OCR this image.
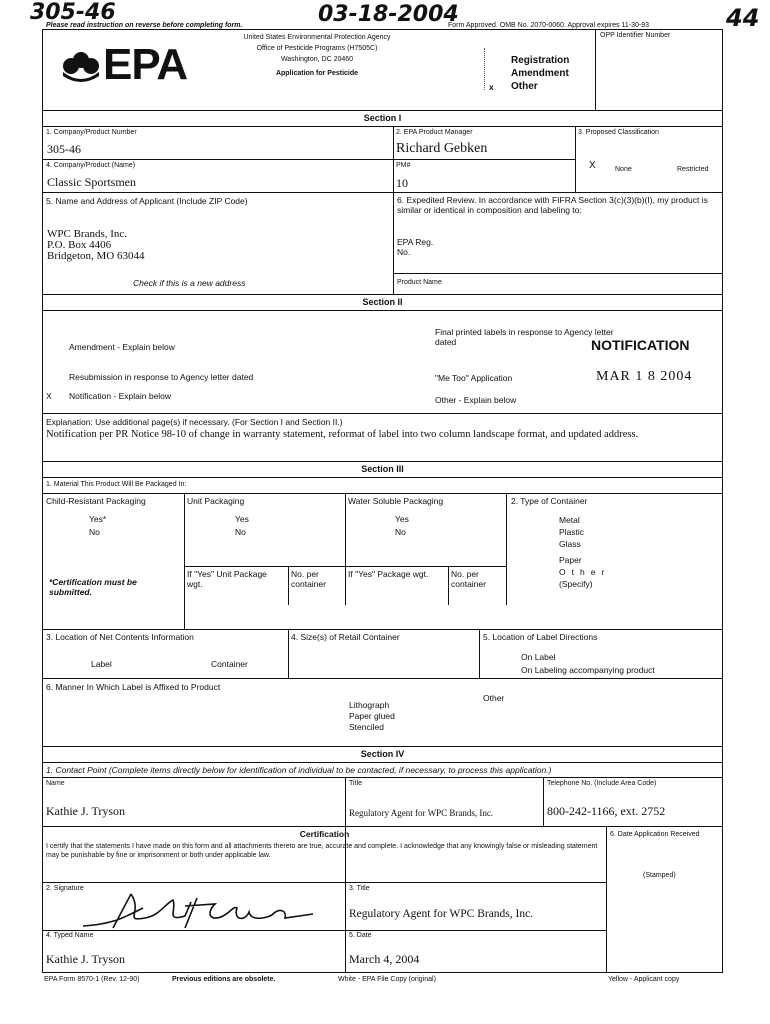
305-46	03-18-2004	44
Please read instruction on reverse before completing form.	Form Approved. OMB No. 2070-0060. Approval expires 11-30-93
EPA
United States Environmental Protection Agency
Office of Pesticide Programs (H7505C)
Washington, DC 20460
Application for Pesticide
Registration
Amendment
Other
x
OPP Identifier Number
Section I
1. Company/Product Number
305-46
2. EPA Product Manager
Richard Gebken
3. Proposed Classification
4. Company/Product (Name)
Classic Sportsmen
PM#
10
X	None	Restricted
5. Name and Address of Applicant (Include ZIP Code)
WPC Brands, Inc.
P.O. Box 4406
Bridgeton, MO 63044
Check if this is a new address
6. Expedited Review. In accordance with FIFRA Section 3(c)(3)(b)(I), my product is similar or identical in composition and labeling to:
EPA Reg.
No.
Product Name
Section II
Amendment - Explain below
Resubmission in response to Agency letter dated
X Notification - Explain below
Final printed labels in response to Agency letter dated
"Me Too" Application
Other - Explain below
NOTIFICATION
MAR 1 8 2004
Explanation: Use additional page(s) if necessary. (For Section I and Section II.)
Notification per PR Notice 98-10 of change in warranty statement, reformat of label into two column landscape format, and updated address.
Section III
1. Material This Product Will Be Packaged In:
Child-Resistant Packaging
Yes*
No
*Certification must be submitted.
Unit Packaging
Yes
No
If "Yes" Unit Package wgt.
No. per container
Water Soluble Packaging
Yes
No
If "Yes" Package wgt.	No. per container
2. Type of Container
Metal
Plastic
Glass
Paper
Other
(Specify)
3. Location of Net Contents Information
Label	Container
4. Size(s) of Retail Container	5. Location of Label Directions
On Label
On Labeling accompanying product
6. Manner In Which Label is Affixed to Product
Lithograph
Paper glued
Stenciled
Other
Section IV
1. Contact Point (Complete items directly below for identification of individual to be contacted, if necessary, to process this application.)
Name
Kathie J. Tryson
Title
Regulatory Agent for WPC Brands, Inc.
Telephone No. (Include Area Code)
800-242-1166, ext. 2752
Certification
I certify that the statements I have made on this form and all attachments thereto are true, accurate and complete. I acknowledge that any knowingly false or misleading statement may be punishable by fine or imprisonment or both under applicable law.
6. Date Application Received
(Stamped)
2. Signature	3. Title
Regulatory Agent for WPC Brands, Inc.
4. Typed Name
Kathie J. Tryson
5. Date
March 4, 2004
EPA Form 8570-1 (Rev. 12-90)	Previous editions are obsolete.	White - EPA File Copy (original)	Yellow - Applicant copy
